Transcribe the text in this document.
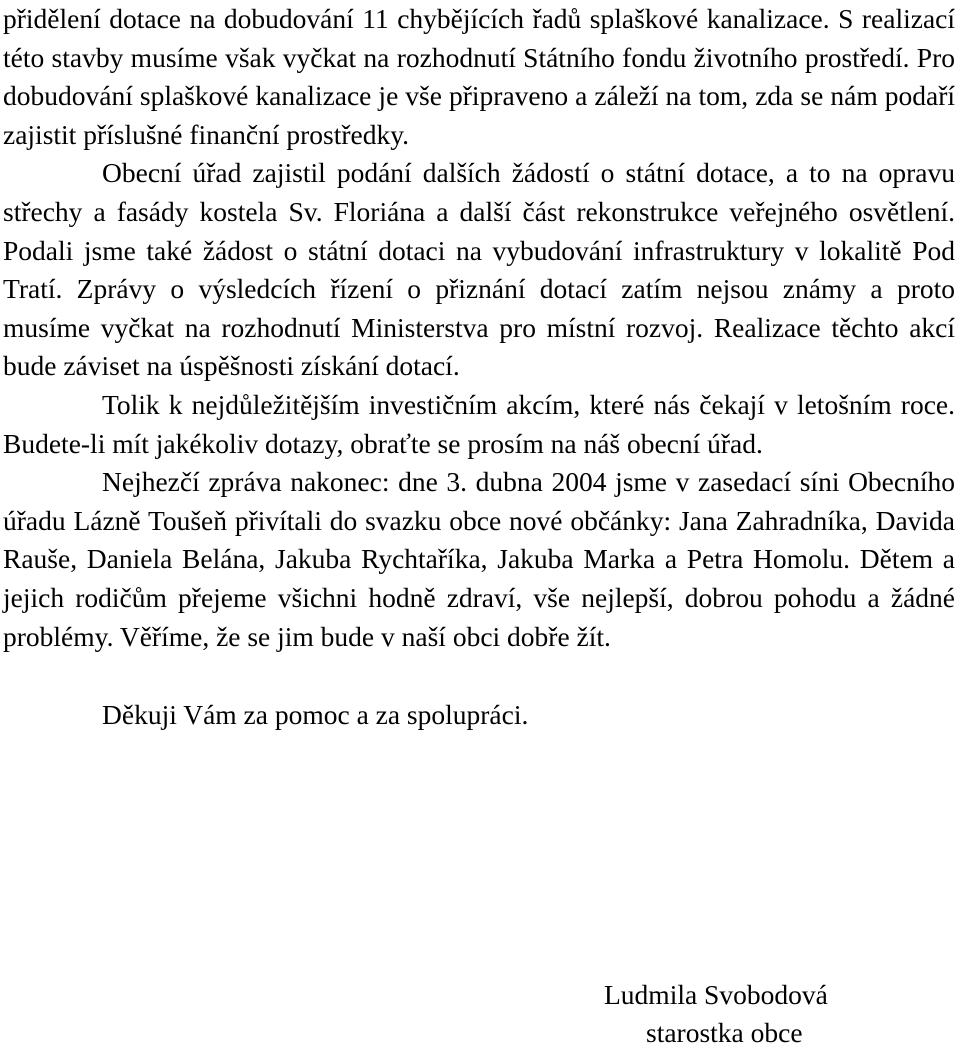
přidělení dotace na dobudování 11 chybějících řadů splaškové kanalizace. S realizací této stavby musíme však vyčkat na rozhodnutí Státního fondu životního prostředí. Pro dobudování splaškové kanalizace je vše připraveno a záleží na tom, zda se nám podaří zajistit příslušné finanční prostředky.

Obecní úřad zajistil podání dalších žádostí o státní dotace, a to na opravu střechy a fasády kostela Sv. Floriána a další část rekonstrukce veřejného osvětlení. Podali jsme také žádost o státní dotaci na vybudování infrastruktury v lokalitě Pod Tratí. Zprávy o výsledcích řízení o přiznání dotací zatím nejsou známy a proto musíme vyčkat na rozhodnutí Ministerstva pro místní rozvoj. Realizace těchto akcí bude záviset na úspěšnosti získání dotací.

Tolik k nejdůležitějším investičním akcím, které nás čekají v letošním roce. Budete-li mít jakékoliv dotazy, obraťte se prosím na náš obecní úřad.

Nejhezčí zpráva nakonec: dne 3. dubna 2004 jsme v zasedací síni Obecního úřadu Lázně Toušeň přivítali do svazku obce nové občánky: Jana Zahradníka, Davida Rauše, Daniela Belána, Jakuba Rychtaříka, Jakuba Marka a Petra Homolu. Dětem a jejich rodičům přejeme všichni hodně zdraví, vše nejlepší, dobrou pohodu a žádné problémy. Věříme, že se jim bude v naší obci dobře žít.

Děkuji Vám za pomoc a za spolupráci.

Ludmila Svobodová
starostka obce
